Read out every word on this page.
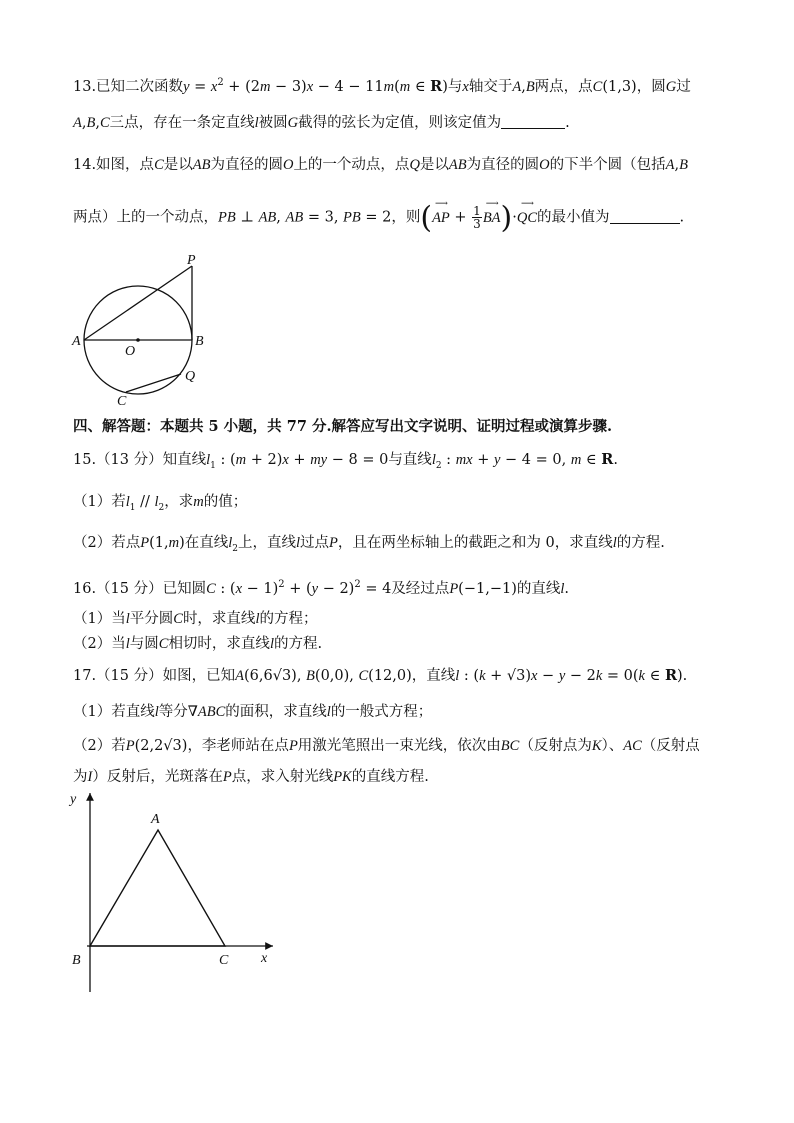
13.已知二次函数$y = x^2 + (2m - 3)x - 4 - 11m(m$ ∈ R)与x轴交于A,B两点，点C(1,3)，圆G过
A,B,C三点，存在一条定直线l被圆G截得的弦长为定值，则该定值为	.
14.如图，点C是以AB为直径的圆O上的一个动点，点Q是以AB为直径的圆O的下半个圆（包括A,B
两点）上的一个动点，PB ⊥ AB, AB = 3, PB = 2，则( ⟶
AP + $\frac{1}{3}$
⟶
BA)·
⟶
QC的最小值为	.
A	B
O
P
Q
C
四、解答题：本题共 5 小题，共 77 分.解答应写出文字说明、证明过程或演算步骤.
15.（13 分）知直线$l_1$ : (m + 2)x + my − 8 = 0与直线$l_2$ : mx + y − 4 = 0, m ∈ R.
（1）若$l_1 // l_2$，求m的值；
（2）若点P(1,m)在直线$l_2$上，直线l过点P，且在两坐标轴上的截距之和为 0，求直线l的方程.
16.（15 分）已知圆C : $(x - 1)^2 + (y - 2)^2 = 4$及经过点P(−1,−1)的直线l.
（1）当l平分圆C时，求直线l的方程；
（2）当l与圆C相切时，求直线l的方程.
17.（15 分）如图，已知A(6,6√3), B(0,0), C(12,0)，直线l : (k + √3)x − y − 2k = 0(k ∈ R).
（1）若直线l等分∇ABC的面积，求直线l的一般式方程；
（2）若P(2,2√3)，李老师站在点P用激光笔照出一束光线，依次由BC（反射点为K）、AC（反射点
为I）反射后，光斑落在P点，求入射光线PK的直线方程.
y
A
B	C x
